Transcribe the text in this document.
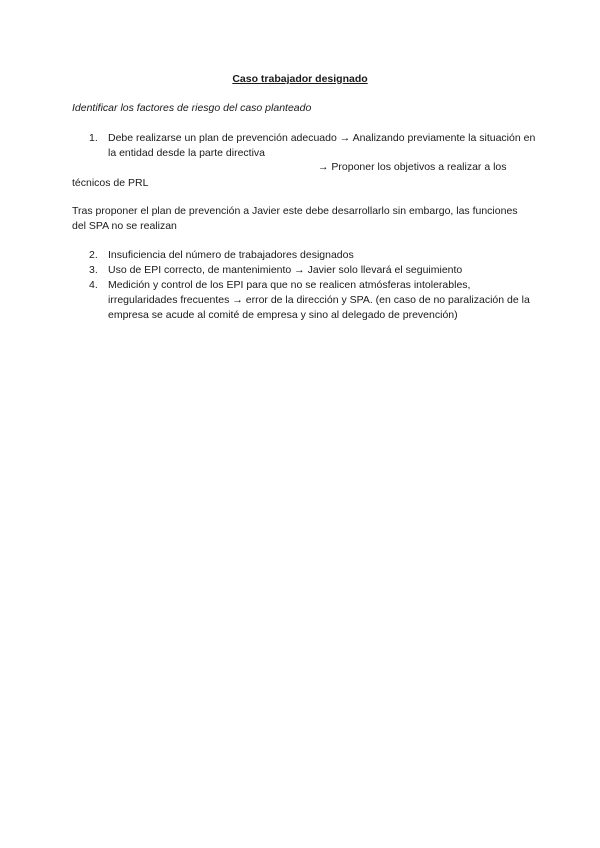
Caso trabajador designado
Identificar los factores de riesgo del caso planteado
1. Debe realizarse un plan de prevención adecuado → Analizando previamente la situación en la entidad desde la parte directiva
→ Proponer los objetivos a realizar a los
técnicos de PRL
Tras proponer el plan de prevención a Javier este debe desarrollarlo sin embargo, las funciones del SPA no se realizan
2. Insuficiencia del número de trabajadores designados
3. Uso de EPI correcto, de mantenimiento → Javier solo llevará el seguimiento
4. Medición y control de los EPI para que no se realicen atmósferas intolerables, irregularidades frecuentes → error de la dirección y SPA. (en caso de no paralización de la empresa se acude al comité de empresa y sino al delegado de prevención)
